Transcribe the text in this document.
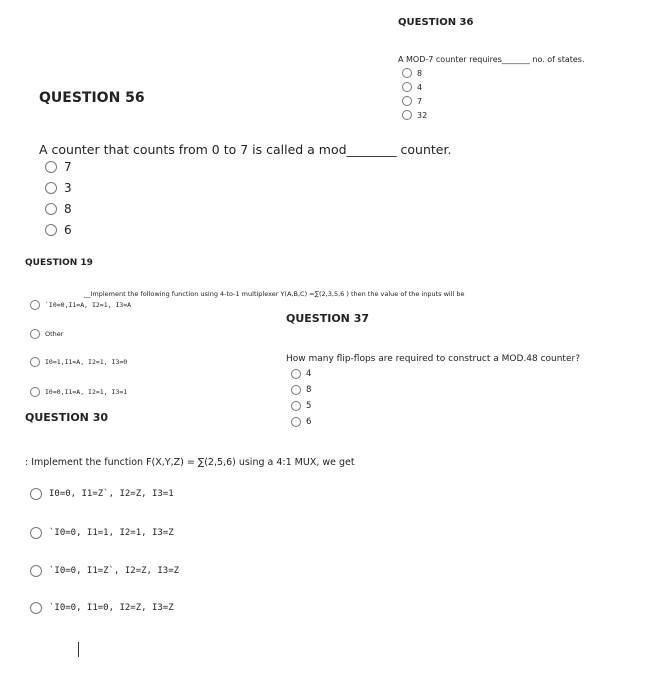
QUESTION 36
A MOD-7 counter requires_______ no. of states.
8
4
7
32
QUESTION 56
A counter that counts from 0 to 7 is called a mod________ counter.
7
3
8
6
QUESTION 19
__Implement the following function using 4-to-1 multiplexer Y(A,B,C) =∑(2,3,5,6 ) then the value of the inputs will be
`I0=0,I1=A, I2=1, I3=A
Other
I0=1,I1=A, I2=1, I3=0
I0=0,I1=A, I2=1, I3=1
QUESTION 37
How many flip-flops are required to construct a MOD.48 counter?
4
8
5
6
QUESTION 30
: Implement the function F(X,Y,Z) = ∑(2,5,6) using a 4:1 MUX, we get
I0=0, I1=Z`, I2=Z, I3=1
`I0=0, I1=1, I2=1, I3=Z
`I0=0, I1=Z`, I2=Z, I3=Z
`I0=0, I1=0, I2=Z, I3=Z
